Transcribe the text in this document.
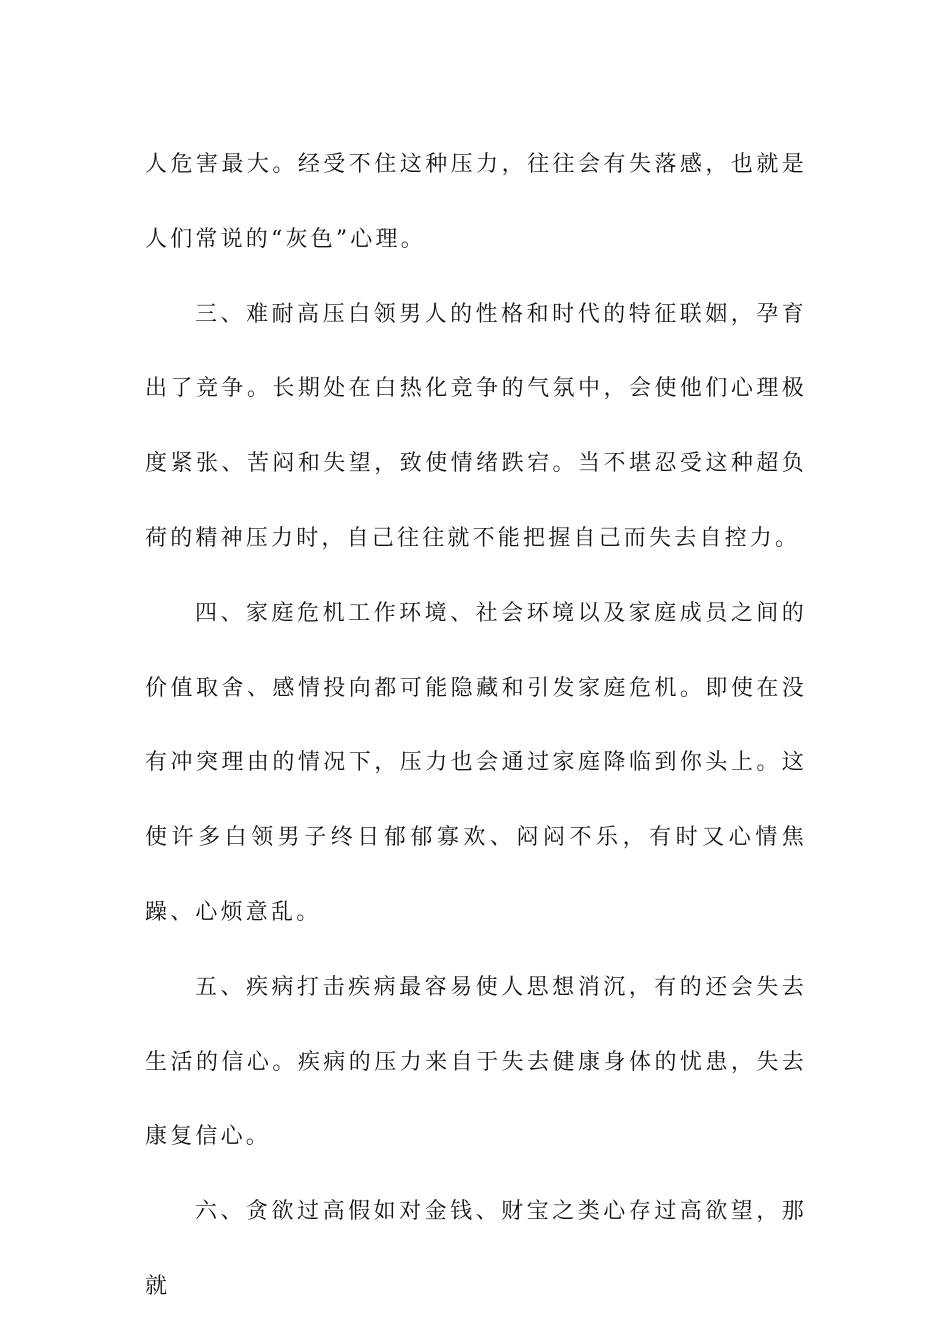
人危害最大。经受不住这种压力，往往会有失落感，也就是人们常说的“灰色”心理。

三、难耐高压白领男人的性格和时代的特征联姻，孕育出了竞争。长期处在白热化竞争的气氛中，会使他们心理极度紧张、苦闷和失望，致使情绪跌宕。当不堪忍受这种超负荷的精神压力时，自己往往就不能把握自己而失去自控力。

四、家庭危机工作环境、社会环境以及家庭成员之间的价值取舍、感情投向都可能隐藏和引发家庭危机。即使在没有冲突理由的情况下，压力也会通过家庭降临到你头上。这使许多白领男子终日郁郁寡欢、闷闷不乐，有时又心情焦躁、心烦意乱。

五、疾病打击疾病最容易使人思想消沉，有的还会失去生活的信心。疾病的压力来自于失去健康身体的忧患，失去康复信心。

六、贪欲过高假如对金钱、财宝之类心存过高欲望，那就
